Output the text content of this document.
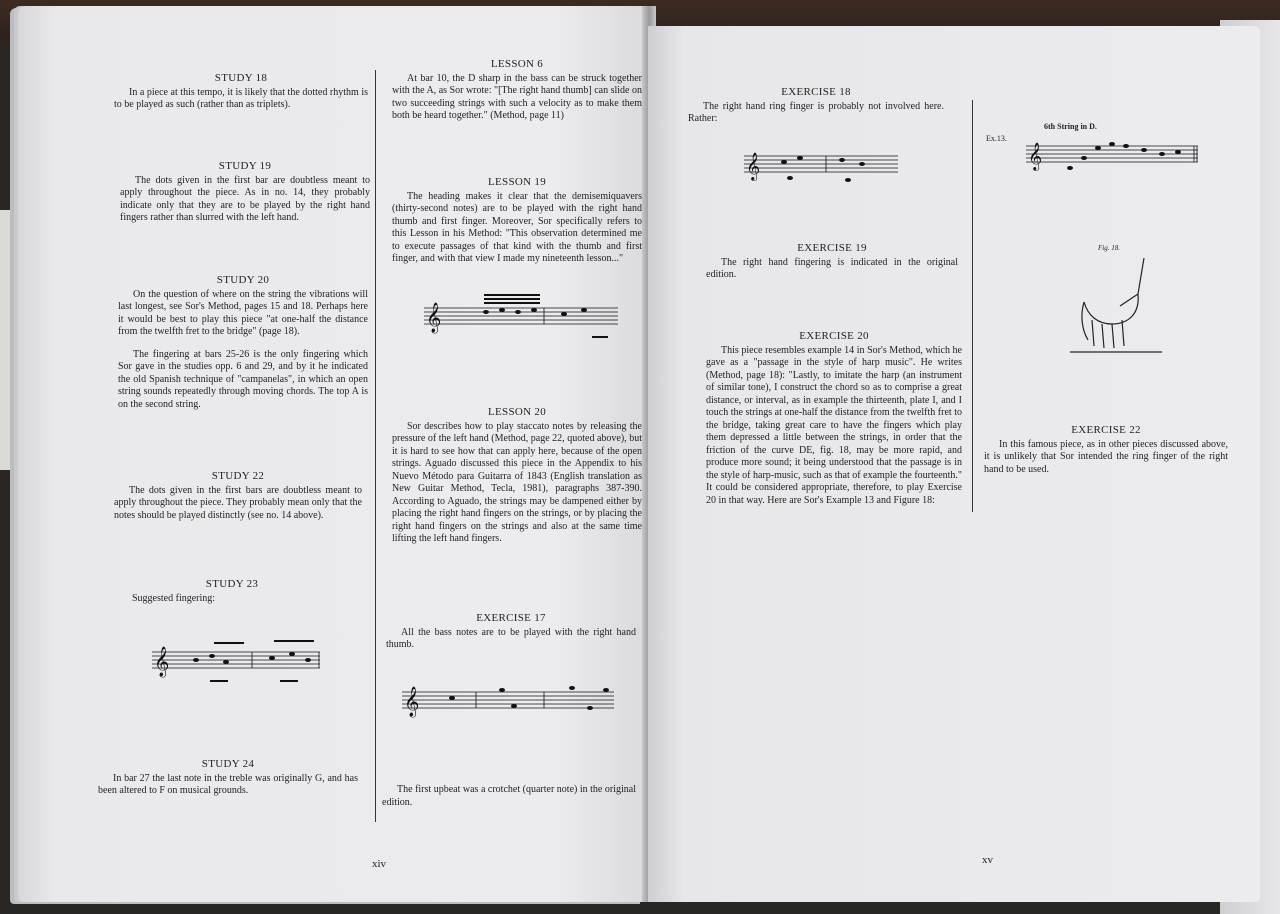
STUDY 18

In a piece at this tempo, it is likely that the dotted rhythm is to be played as such (rather than as triplets).

STUDY 19

The dots given in the first bar are doubtless meant to apply throughout the piece. As in no. 14, they probably indicate only that they are to be played by the right hand fingers rather than slurred with the left hand.

STUDY 20

On the question of where on the string the vibrations will last longest, see Sor's Method, pages 15 and 18. Perhaps here it would be best to play this piece "at one-half the distance from the twelfth fret to the bridge" (page 18).

The fingering at bars 25-26 is the only fingering which Sor gave in the studies opp. 6 and 29, and by it he indicated the old Spanish technique of "campanelas", in which an open string sounds repeatedly through moving chords. The top A is on the second string.

STUDY 22

The dots given in the first bars are doubtless meant to apply throughout the piece. They probably mean only that the notes should be played distinctly (see no. 14 above).

STUDY 23

Suggested fingering:

𝄞
STUDY 24

In bar 27 the last note in the treble was originally G, and has been altered to F on musical grounds.

LESSON 6

At bar 10, the D sharp in the bass can be struck together with the A, as Sor wrote: "[The right hand thumb] can slide on two succeeding strings with such a velocity as to make them both be heard together." (Method, page 11)

LESSON 19

The heading makes it clear that the demisemiquavers (thirty-second notes) are to be played with the right hand thumb and first finger. Moreover, Sor specifically refers to this Lesson in his Method: "This observation determined me to execute passages of that kind with the thumb and first finger, and with that view I made my nineteenth lesson..."

𝄞
LESSON 20

Sor describes how to play staccato notes by releasing the pressure of the left hand (Method, page 22, quoted above), but it is hard to see how that can apply here, because of the open strings. Aguado discussed this piece in the Appendix to his Nuevo Método para Guitarra of 1843 (English translation as New Guitar Method, Tecla, 1981), paragraphs 387-390. According to Aguado, the strings may be dampened either by placing the right hand fingers on the strings, or by placing the right hand fingers on the strings and also at the same time lifting the left hand fingers.

EXERCISE 17

All the bass notes are to be played with the right hand thumb.

𝄞

The first upbeat was a crotchet (quarter note) in the original edition.

xiv
EXERCISE 18

The right hand ring finger is probably not involved here. Rather:

𝄞
EXERCISE 19

The right hand fingering is indicated in the original edition.

EXERCISE 20

This piece resembles example 14 in Sor's Method, which he gave as a "passage in the style of harp music". He writes (Method, page 18): "Lastly, to imitate the harp (an instrument of similar tone), I construct the chord so as to comprise a great distance, or interval, as in example the thirteenth, plate I, and I touch the strings at one-half the distance from the twelfth fret to the bridge, taking great care to have the fingers which play them depressed a little between the strings, in order that the friction of the curve DE, fig. 18, may be more rapid, and produce more sound; it being understood that the passage is in the style of harp-music, such as that of example the fourteenth." It could be considered appropriate, therefore, to play Exercise 20 in that way. Here are Sor's Example 13 and Figure 18:

Ex.13.
6th String in D.
𝄞
Fig. 18.
EXERCISE 22

In this famous piece, as in other pieces discussed above, it is unlikely that Sor intended the ring finger of the right hand to be used.

xv
